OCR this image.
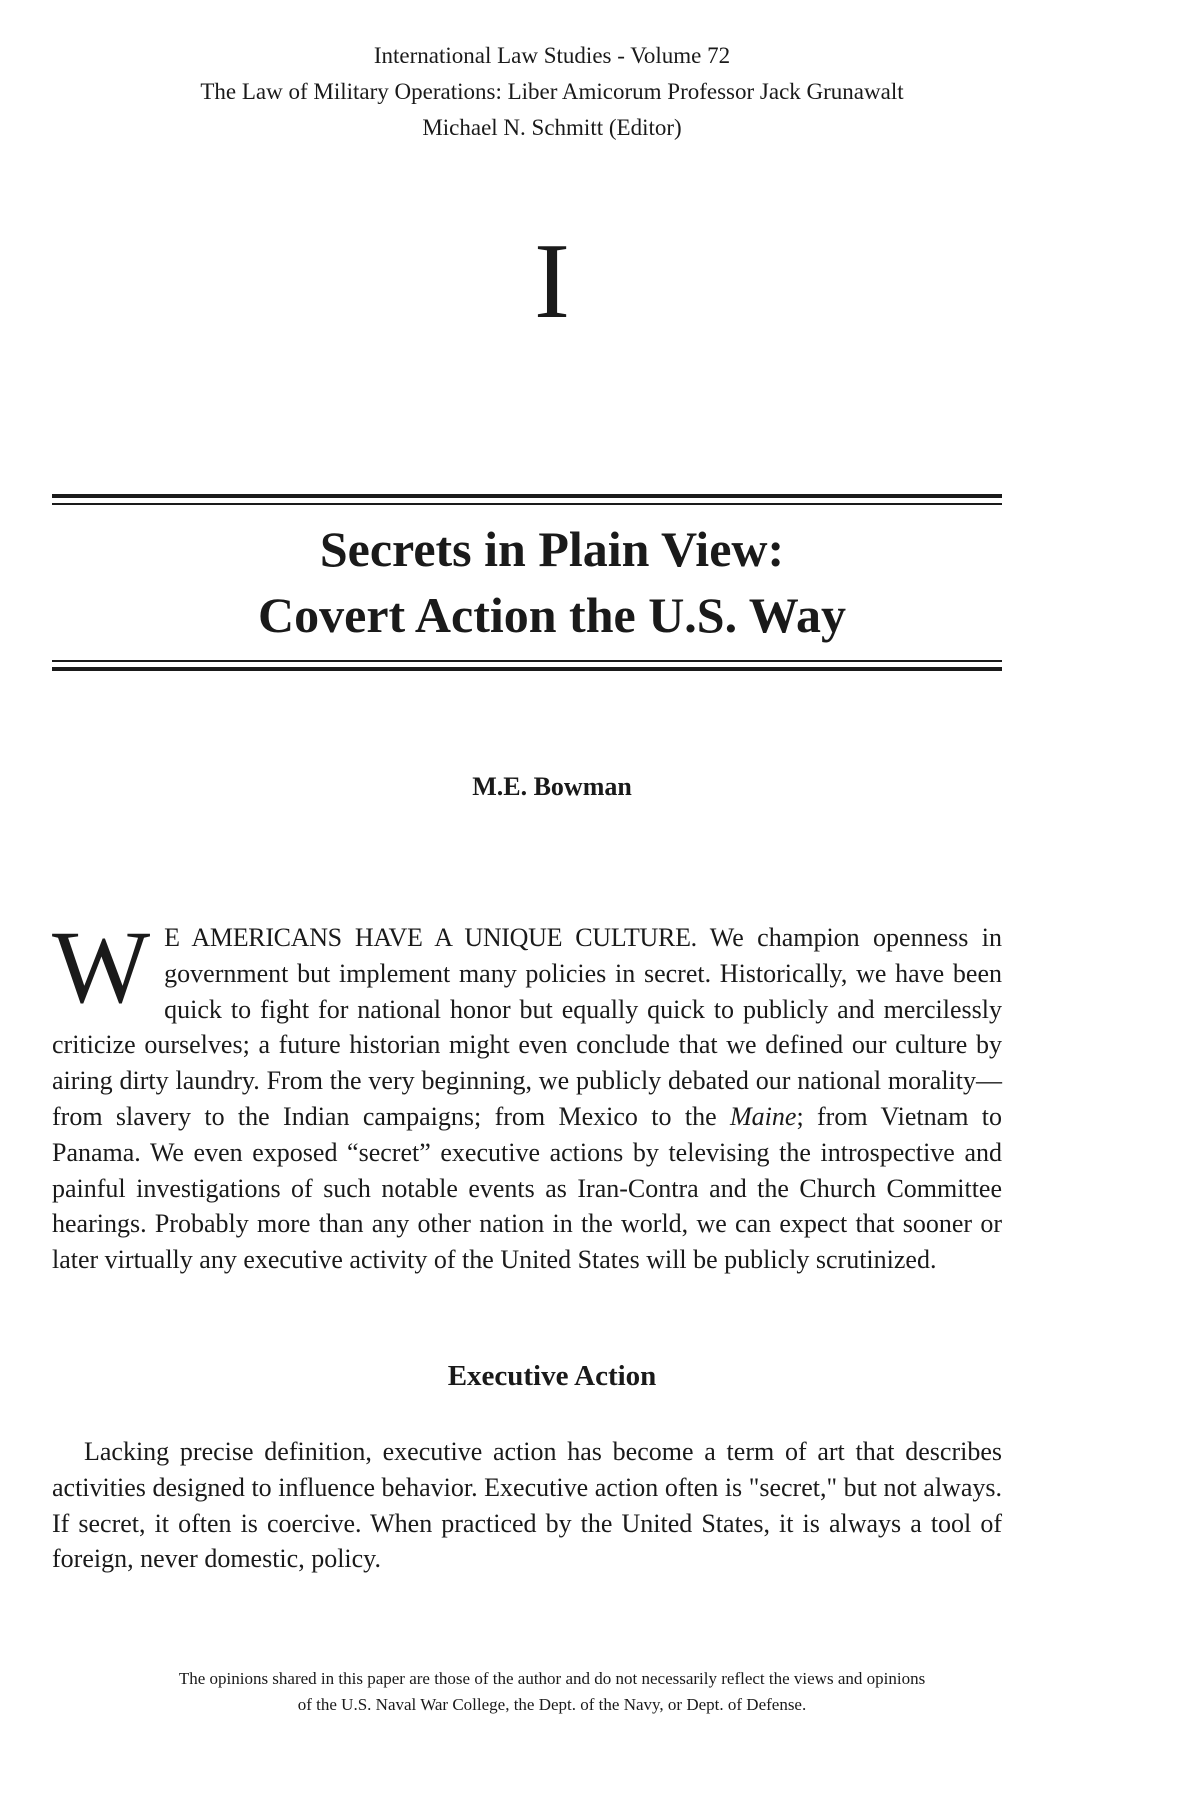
International Law Studies - Volume 72
The Law of Military Operations: Liber Amicorum Professor Jack Grunawalt
Michael N. Schmitt (Editor)
I
Secrets in Plain View:
Covert Action the U.S. Way
M.E. Bowman
W E AMERICANS HAVE A UNIQUE CULTURE. We champion openness in government but implement many policies in secret. Historically, we have been quick to fight for national honor but equally quick to publicly and mercilessly criticize ourselves; a future historian might even conclude that we defined our culture by airing dirty laundry. From the very beginning, we publicly debated our national morality—from slavery to the Indian campaigns; from Mexico to the Maine; from Vietnam to Panama. We even exposed “secret” executive actions by televising the introspective and painful investigations of such notable events as Iran-Contra and the Church Committee hearings. Probably more than any other nation in the world, we can expect that sooner or later virtually any executive activity of the United States will be publicly scrutinized.
Executive Action
Lacking precise definition, executive action has become a term of art that describes activities designed to influence behavior. Executive action often is "secret," but not always. If secret, it often is coercive. When practiced by the United States, it is always a tool of foreign, never domestic, policy.
The opinions shared in this paper are those of the author and do not necessarily reflect the views and opinions
of the U.S. Naval War College, the Dept. of the Navy, or Dept. of Defense.
